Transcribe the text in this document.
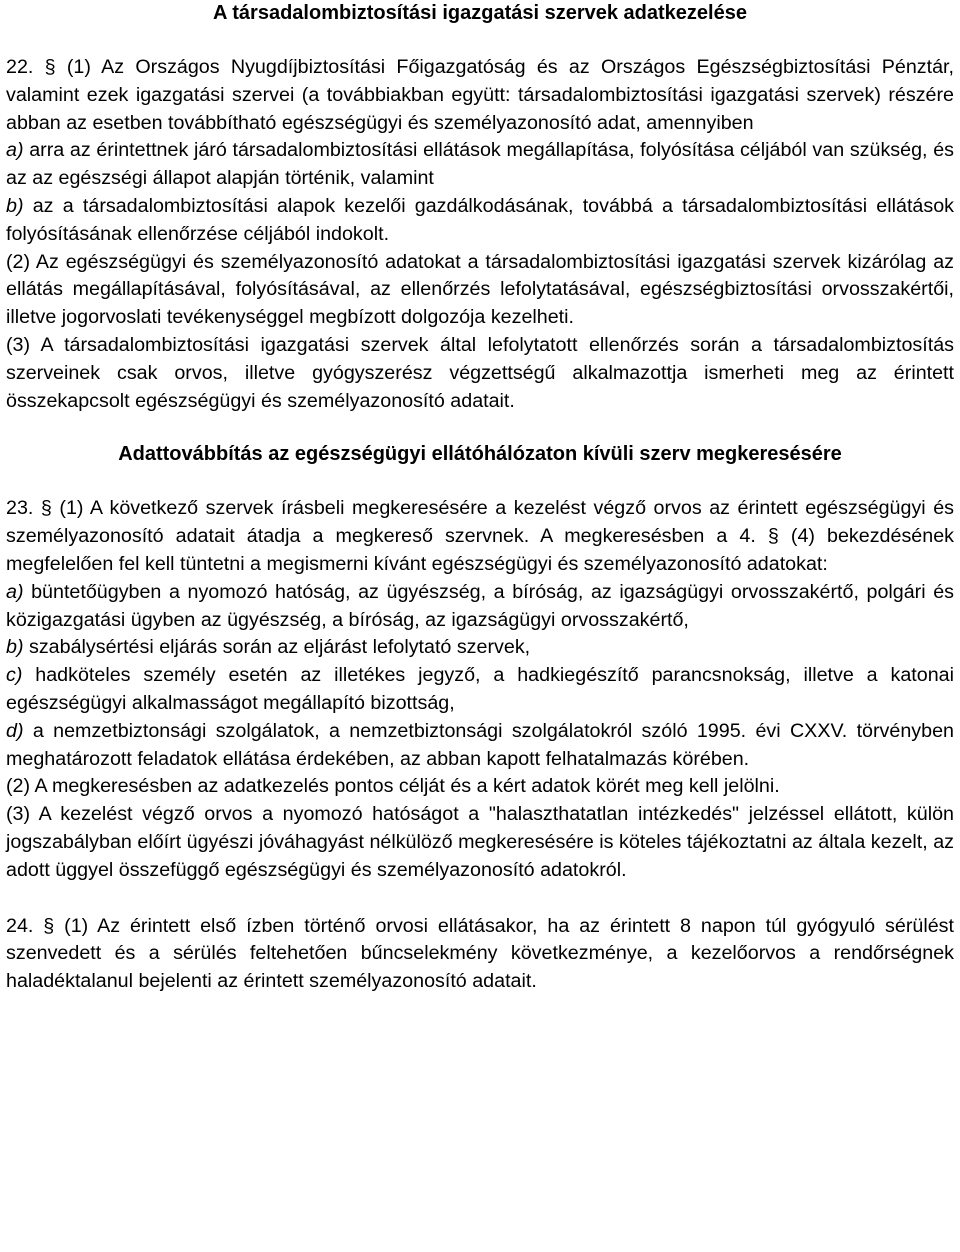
A társadalombiztosítási igazgatási szervek adatkezelése

22. § (1) Az Országos Nyugdíjbiztosítási Főigazgatóság és az Országos Egészségbiztosítási Pénztár, valamint ezek igazgatási szervei (a továbbiakban együtt: társadalombiztosítási igazgatási szervek) részére abban az esetben továbbítható egészségügyi és személyazonosító adat, amennyiben
a) arra az érintettnek járó társadalombiztosítási ellátások megállapítása, folyósítása céljából van szükség, és az az egészségi állapot alapján történik, valamint
b) az a társadalombiztosítási alapok kezelői gazdálkodásának, továbbá a társadalombiztosítási ellátások folyósításának ellenőrzése céljából indokolt.

(2) Az egészségügyi és személyazonosító adatokat a társadalombiztosítási igazgatási szervek kizárólag az ellátás megállapításával, folyósításával, az ellenőrzés lefolytatásával, egészségbiztosítási orvosszakértői, illetve jogorvoslati tevékenységgel megbízott dolgozója kezelheti.

(3) A társadalombiztosítási igazgatási szervek által lefolytatott ellenőrzés során a társadalombiztosítás szerveinek csak orvos, illetve gyógyszerész végzettségű alkalmazottja ismerheti meg az érintett összekapcsolt egészségügyi és személyazonosító adatait.

Adattovábbítás az egészségügyi ellátóhálózaton kívüli szerv megkeresésére

23. § (1) A következő szervek írásbeli megkeresésére a kezelést végző orvos az érintett egészségügyi és személyazonosító adatait átadja a megkereső szervnek. A megkeresésben a 4. § (4) bekezdésének megfelelően fel kell tüntetni a megismerni kívánt egészségügyi és személyazonosító adatokat:

a) büntetőügyben a nyomozó hatóság, az ügyészség, a bíróság, az igazságügyi orvosszakértő, polgári és közigazgatási ügyben az ügyészség, a bíróság, az igazságügyi orvosszakértő,

b) szabálysértési eljárás során az eljárást lefolytató szervek,

c) hadköteles személy esetén az illetékes jegyző, a hadkiegészítő parancsnokság, illetve a katonai egészségügyi alkalmasságot megállapító bizottság,

d) a nemzetbiztonsági szolgálatok, a nemzetbiztonsági szolgálatokról szóló 1995. évi CXXV. törvényben meghatározott feladatok ellátása érdekében, az abban kapott felhatalmazás körében.

(2) A megkeresésben az adatkezelés pontos célját és a kért adatok körét meg kell jelölni.

(3) A kezelést végző orvos a nyomozó hatóságot a "halaszthatatlan intézkedés" jelzéssel ellátott, külön jogszabályban előírt ügyészi jóváhagyást nélkülöző megkeresésére is köteles tájékoztatni az általa kezelt, az adott üggyel összefüggő egészségügyi és személyazonosító adatokról.

24. § (1) Az érintett első ízben történő orvosi ellátásakor, ha az érintett 8 napon túl gyógyuló sérülést szenvedett és a sérülés feltehetően bűncselekmény következménye, a kezelőorvos a rendőrségnek haladéktalanul bejelenti az érintett személyazonosító adatait.
